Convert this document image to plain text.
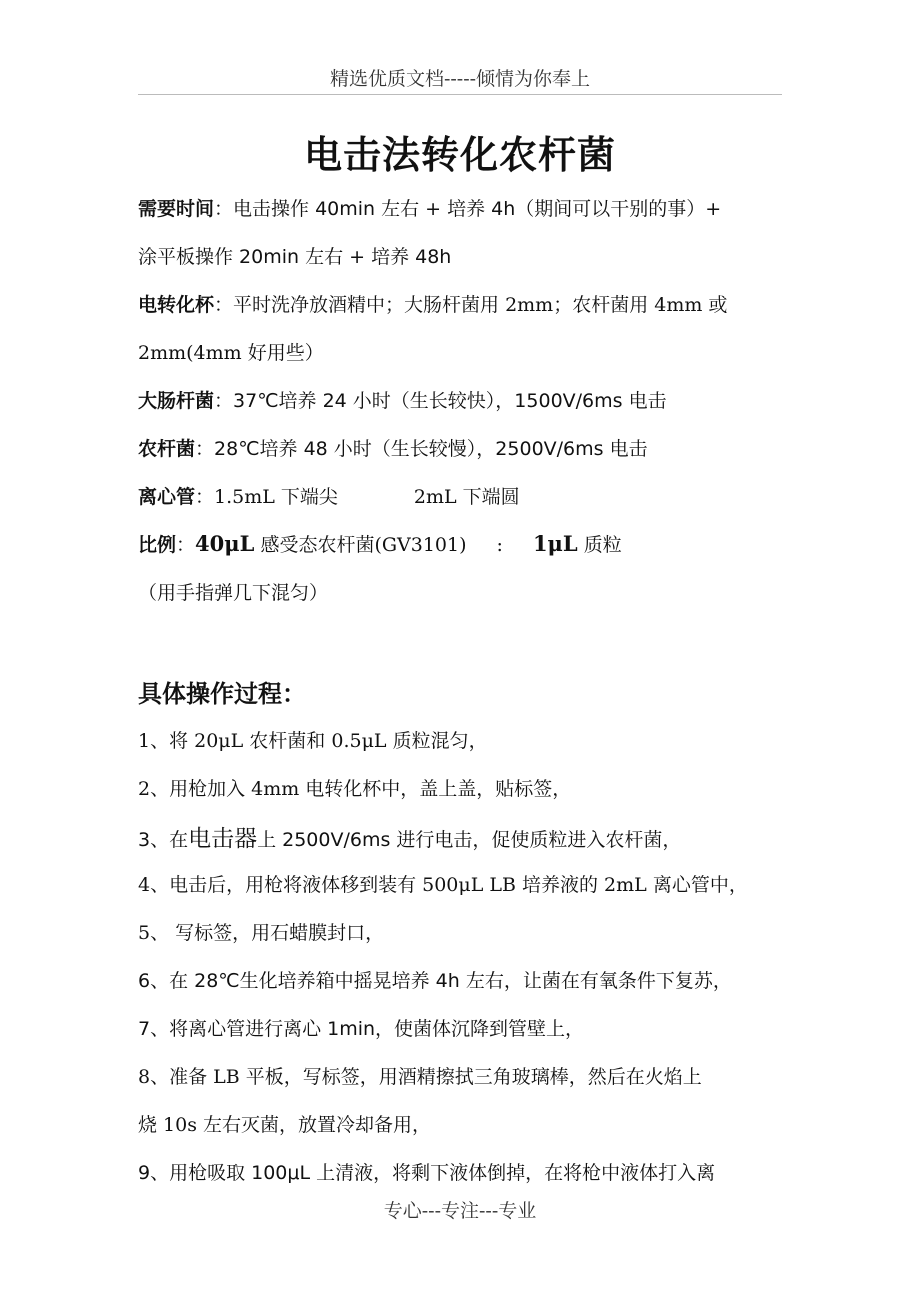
精选优质文档-----倾情为你奉上
电击法转化农杆菌
需要时间：电击操作 40min 左右 + 培养 4h（期间可以干别的事）+
涂平板操作 20min 左右 + 培养 48h
电转化杯：平时洗净放酒精中；大肠杆菌用 2mm；农杆菌用 4mm 或
2mm(4mm 好用些）
大肠杆菌：37℃培养 24 小时（生长较快），1500V/6ms 电击
农杆菌：28℃培养 48 小时（生长较慢），2500V/6ms 电击
离心管：1.5mL 下端尖	2mL 下端圆
比例：40μL 感受态农杆菌(GV3101) : 1μL 质粒
（用手指弹几下混匀）
具体操作过程：
1、将 20μL 农杆菌和 0.5μL 质粒混匀，
2、用枪加入 4mm 电转化杯中，盖上盖，贴标签，
3、在电击器上 2500V/6ms 进行电击，促使质粒进入农杆菌，
4、电击后，用枪将液体移到装有 500μL LB 培养液的 2mL 离心管中，
5、 写标签，用石蜡膜封口，
6、在 28℃生化培养箱中摇晃培养 4h 左右，让菌在有氧条件下复苏，
7、将离心管进行离心 1min，使菌体沉降到管壁上，
8、准备 LB 平板，写标签，用酒精擦拭三角玻璃棒，然后在火焰上
烧 10s 左右灭菌，放置冷却备用，
9、用枪吸取 100μL 上清液，将剩下液体倒掉，在将枪中液体打入离
专心---专注---专业
